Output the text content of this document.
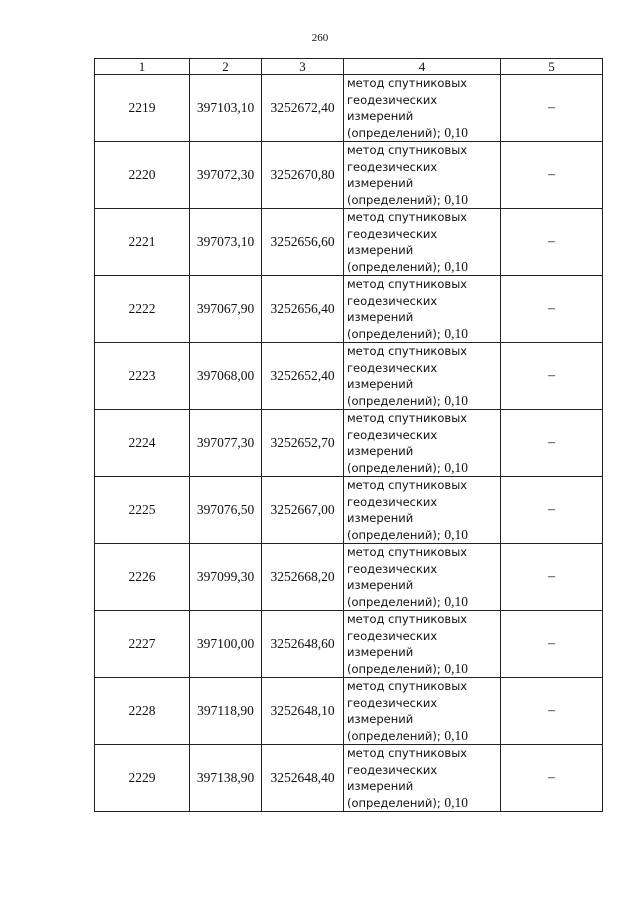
260
1	2	3	4	5
2219	397103,10	3252672,40	метод спутниковых
геодезических
измерений
(определений); 0,10	–
2220	397072,30	3252670,80	метод спутниковых
геодезических
измерений
(определений); 0,10	–
2221	397073,10	3252656,60	метод спутниковых
геодезических
измерений
(определений); 0,10	–
2222	397067,90	3252656,40	метод спутниковых
геодезических
измерений
(определений); 0,10	–
2223	397068,00	3252652,40	метод спутниковых
геодезических
измерений
(определений); 0,10	–
2224	397077,30	3252652,70	метод спутниковых
геодезических
измерений
(определений); 0,10	–
2225	397076,50	3252667,00	метод спутниковых
геодезических
измерений
(определений); 0,10	–
2226	397099,30	3252668,20	метод спутниковых
геодезических
измерений
(определений); 0,10	–
2227	397100,00	3252648,60	метод спутниковых
геодезических
измерений
(определений); 0,10	–
2228	397118,90	3252648,10	метод спутниковых
геодезических
измерений
(определений); 0,10	–
2229	397138,90	3252648,40	метод спутниковых
геодезических
измерений
(определений); 0,10	–
